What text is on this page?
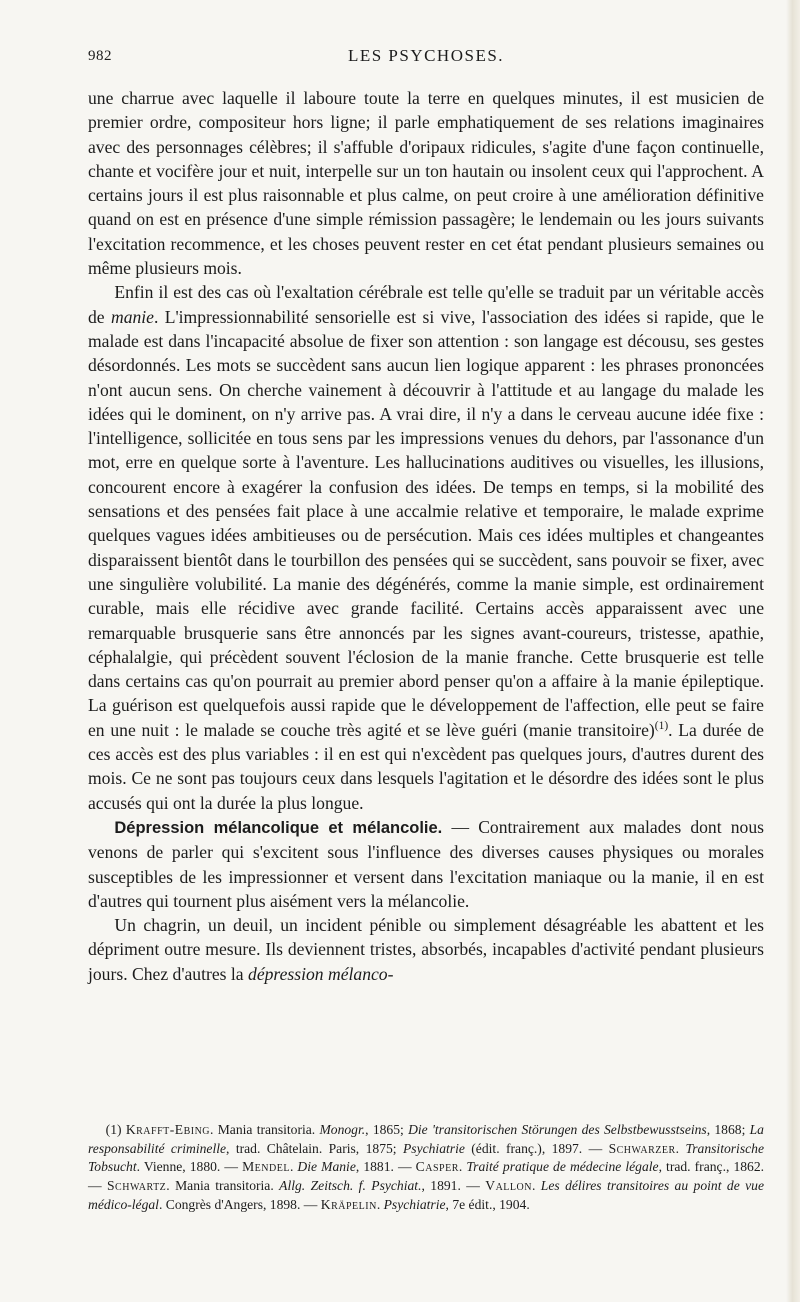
982	LES PSYCHOSES.

une charrue avec laquelle il laboure toute la terre en quelques minutes, il est musicien de premier ordre, compositeur hors ligne; il parle emphatiquement de ses relations imaginaires avec des personnages célèbres; il s'affuble d'oripaux ridicules, s'agite d'une façon continuelle, chante et vocifère jour et nuit, interpelle sur un ton hautain ou insolent ceux qui l'approchent. A certains jours il est plus raisonnable et plus calme, on peut croire à une amélioration définitive quand on est en présence d'une simple rémission passagère; le lendemain ou les jours suivants l'excitation recommence, et les choses peuvent rester en cet état pendant plusieurs semaines ou même plusieurs mois.

Enfin il est des cas où l'exaltation cérébrale est telle qu'elle se traduit par un véritable accès de manie. L'impressionnabilité sensorielle est si vive, l'association des idées si rapide, que le malade est dans l'incapacité absolue de fixer son attention : son langage est décousu, ses gestes désordonnés. Les mots se succèdent sans aucun lien logique apparent : les phrases prononcées n'ont aucun sens. On cherche vainement à découvrir à l'attitude et au langage du malade les idées qui le dominent, on n'y arrive pas. A vrai dire, il n'y a dans le cerveau aucune idée fixe : l'intelligence, sollicitée en tous sens par les impressions venues du dehors, par l'assonance d'un mot, erre en quelque sorte à l'aventure. Les hallucinations auditives ou visuelles, les illusions, concourent encore à exagérer la confusion des idées. De temps en temps, si la mobilité des sensations et des pensées fait place à une accalmie relative et temporaire, le malade exprime quelques vagues idées ambitieuses ou de persécution. Mais ces idées multiples et changeantes disparaissent bientôt dans le tourbillon des pensées qui se succèdent, sans pouvoir se fixer, avec une singulière volubilité. La manie des dégénérés, comme la manie simple, est ordinairement curable, mais elle récidive avec grande facilité. Certains accès apparaissent avec une remarquable brusquerie sans être annoncés par les signes avant-coureurs, tristesse, apathie, céphalalgie, qui précèdent souvent l'éclosion de la manie franche. Cette brusquerie est telle dans certains cas qu'on pourrait au premier abord penser qu'on a affaire à la manie épileptique. La guérison est quelquefois aussi rapide que le développement de l'affection, elle peut se faire en une nuit : le malade se couche très agité et se lève guéri (manie transitoire)$^{(1)}$. La durée de ces accès est des plus variables : il en est qui n'excèdent pas quelques jours, d'autres durent des mois. Ce ne sont pas toujours ceux dans lesquels l'agitation et le désordre des idées sont le plus accusés qui ont la durée la plus longue.

Dépression mélancolique et mélancolie. — Contrairement aux malades dont nous venons de parler qui s'excitent sous l'influence des diverses causes physiques ou morales susceptibles de les impressionner et versent dans l'excitation maniaque ou la manie, il en est d'autres qui tournent plus aisément vers la mélancolie.

Un chagrin, un deuil, un incident pénible ou simplement désagréable les abattent et les dépriment outre mesure. Ils deviennent tristes, absorbés, incapables d'activité pendant plusieurs jours. Chez d'autres la dépression mélanco-

(1) Krafft-Ebing. Mania transitoria. Monogr., 1865; Die 'transitorischen Störungen des Selbstbewusstseins, 1868; La responsabilité criminelle, trad. Châtelain. Paris, 1875; Psychiatrie (édit. franç.), 1897. — Schwarzer. Transitorische Tobsucht. Vienne, 1880. — Mendel. Die Manie, 1881. — Casper. Traité pratique de médecine légale, trad. franç., 1862. — Schwartz. Mania transitoria. Allg. Zeitsch. f. Psychiat., 1891. — Vallon. Les délires transitoires au point de vue médico-légal. Congrès d'Angers, 1898. — Kräpelin. Psychiatrie, 7e édit., 1904.
